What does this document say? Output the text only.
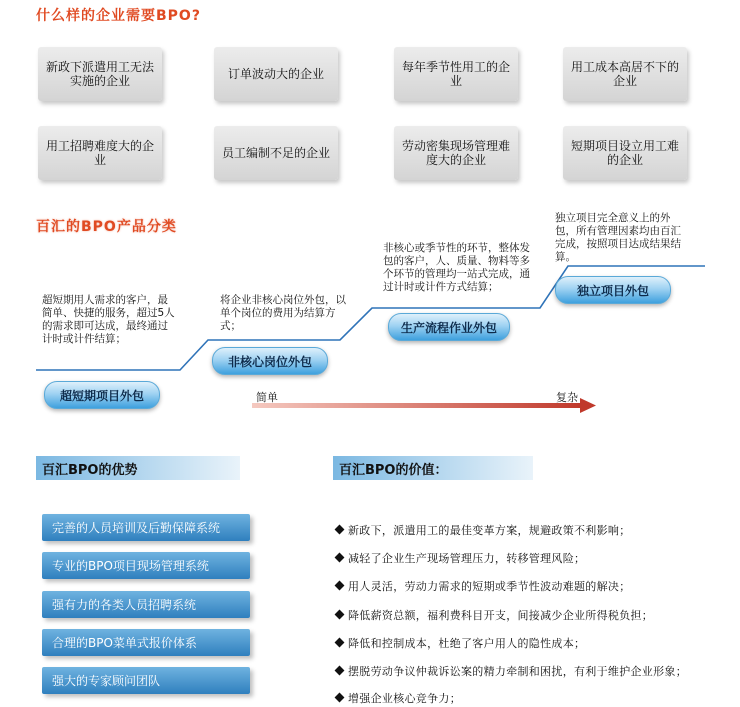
什么样的企业需要BPO?
新政下派遣用工无法实施的企业	订单波动大的企业	每年季节性用工的企业
用工成本高居不下的企业
用工招聘难度大的企业	员工编制不足的企业	劳动密集现场管理难度大的企业
短期项目设立用工难的企业
百汇的BPO产品分类
超短期用人需求的客户，最简单、快捷的服务，超过5人的需求即可达成，最终通过计时或计件结算；
将企业非核心岗位外包，以单个岗位的费用为结算方式；
非核心或季节性的环节，整体发包的客户，人、质量、物料等多个环节的管理均一站式完成，通过计时或计件方式结算；
独立项目完全意义上的外包，所有管理因素均由百汇完成，按照项目达成结果结算。
超短期项目外包
非核心岗位外包
生产流程作业外包
独立项目外包
简单	复杂
百汇BPO的优势	百汇BPO的价值：
完善的人员培训及后勤保障系统
专业的BPO项目现场管理系统
强有力的各类人员招聘系统
合理的BPO菜单式报价体系
强大的专家顾问团队
新政下，派遣用工的最佳变革方案，规避政策不利影响；
减轻了企业生产现场管理压力，转移管理风险；
用人灵活，劳动力需求的短期或季节性波动难题的解决；
降低薪资总额，福利费科目开支，间接减少企业所得税负担；
降低和控制成本，杜绝了客户用人的隐性成本；
摆脱劳动争议仲裁诉讼案的精力牵制和困扰，有利于维护企业形象；
增强企业核心竞争力；
